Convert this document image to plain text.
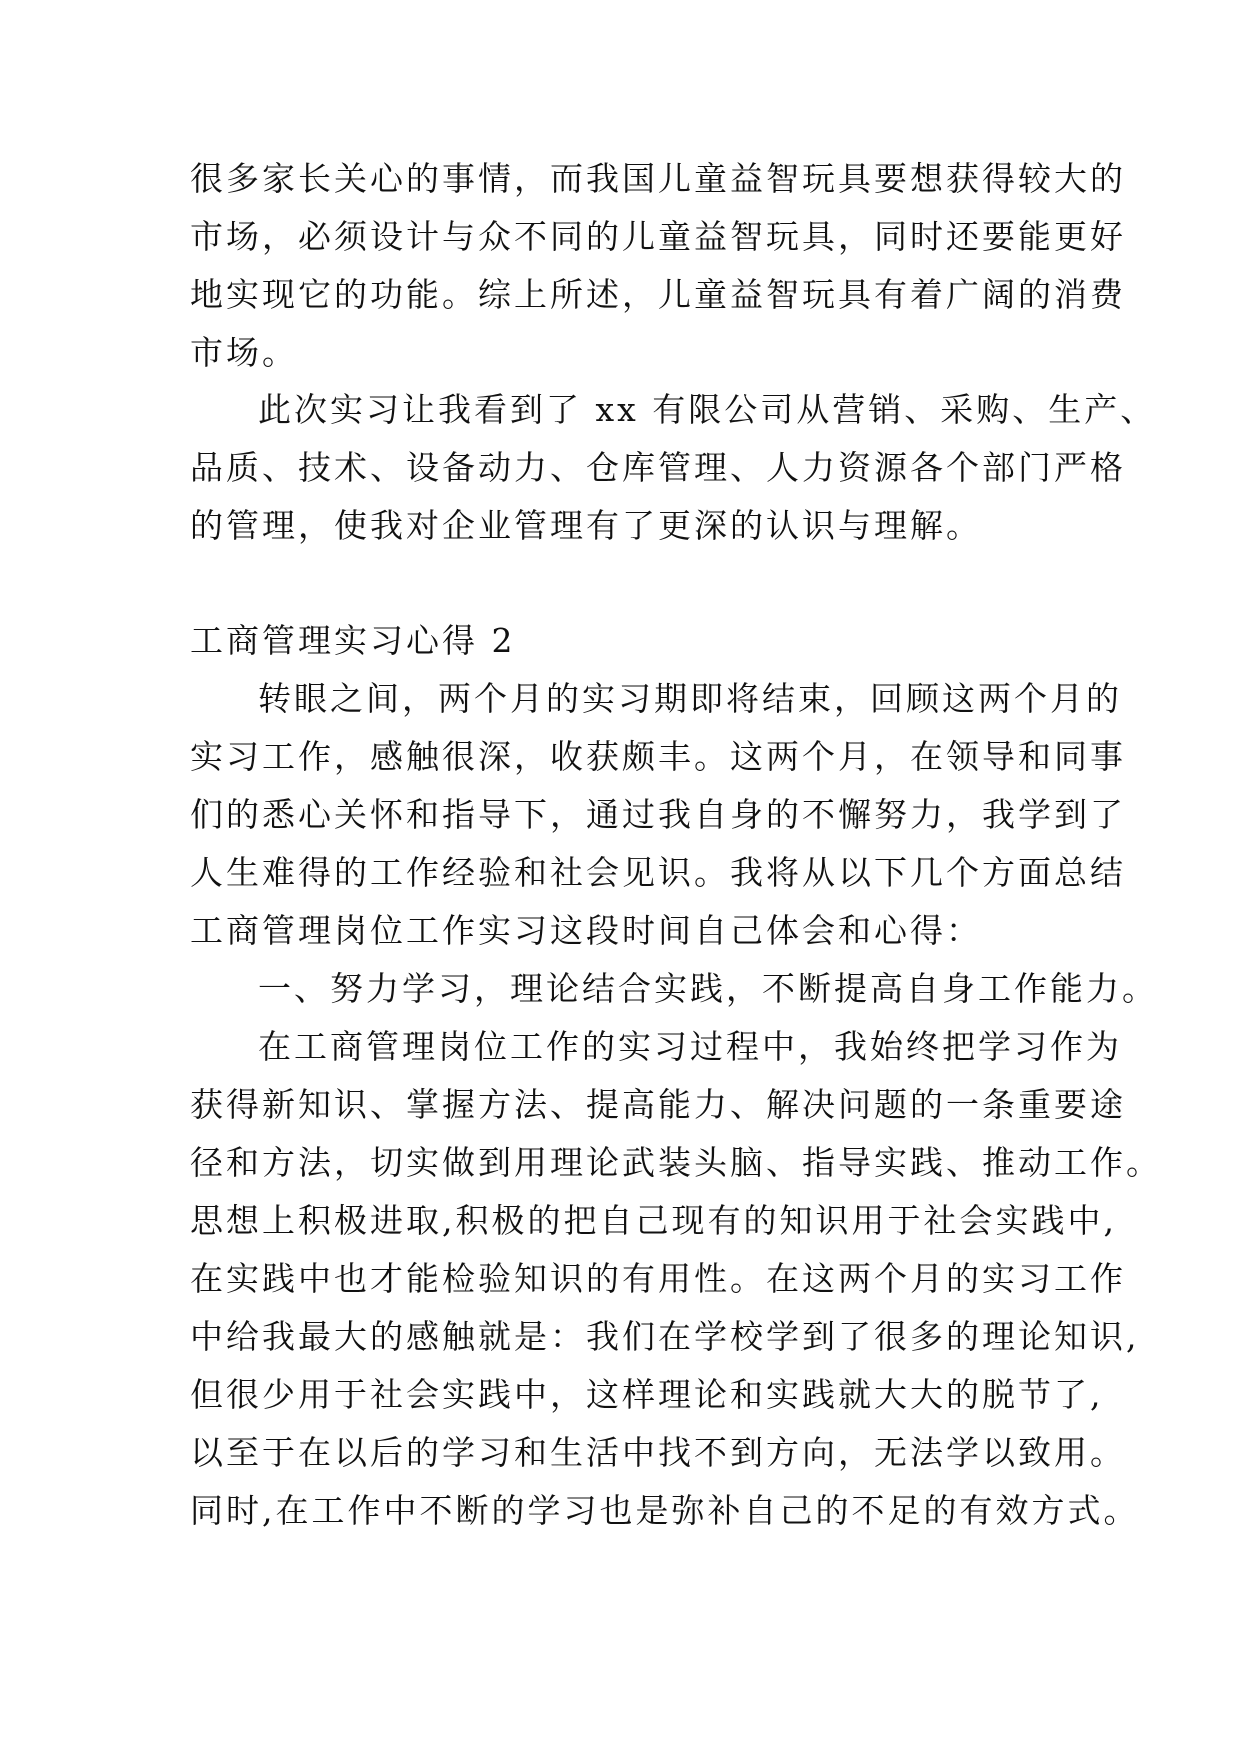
很多家长关心的事情，而我国儿童益智玩具要想获得较大的
市场，必须设计与众不同的儿童益智玩具，同时还要能更好
地实现它的功能。综上所述，儿童益智玩具有着广阔的消费
市场。
此次实习让我看到了 xx 有限公司从营销、采购、生产、
品质、技术、设备动力、仓库管理、人力资源各个部门严格
的管理，使我对企业管理有了更深的认识与理解。
工商管理实习心得 2
转眼之间，两个月的实习期即将结束，回顾这两个月的
实习工作，感触很深，收获颇丰。这两个月，在领导和同事
们的悉心关怀和指导下，通过我自身的不懈努力，我学到了
人生难得的工作经验和社会见识。我将从以下几个方面总结
工商管理岗位工作实习这段时间自己体会和心得：
一、努力学习，理论结合实践，不断提高自身工作能力。
在工商管理岗位工作的实习过程中，我始终把学习作为
获得新知识、掌握方法、提高能力、解决问题的一条重要途
径和方法，切实做到用理论武装头脑、指导实践、推动工作。
思想上积极进取,积极的把自己现有的知识用于社会实践中,
在实践中也才能检验知识的有用性。在这两个月的实习工作
中给我最大的感触就是：我们在学校学到了很多的理论知识,
但很少用于社会实践中，这样理论和实践就大大的脱节了,
以至于在以后的学习和生活中找不到方向，无法学以致用。
同时,在工作中不断的学习也是弥补自己的不足的有效方式。
